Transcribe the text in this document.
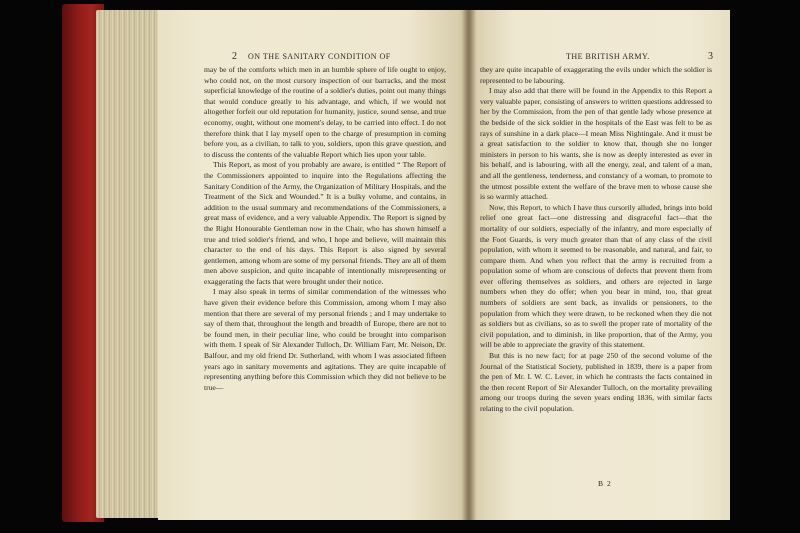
2 ON THE SANITARY CONDITION OF

may be of the comforts which men in an humble sphere of life ought to enjoy, who could not, on the most cursory inspection of our barracks, and the most superficial knowledge of the routine of a soldier's duties, point out many things that would conduce greatly to his advantage, and which, if we would not altogether forfeit our old reputation for humanity, justice, sound sense, and true economy, ought, without one moment's delay, to be carried into effect. I do not therefore think that I lay myself open to the charge of presumption in coming before you, as a civilian, to talk to you, soldiers, upon this grave question, and to discuss the contents of the valuable Report which lies upon your table.

This Report, as most of you probably are aware, is entitled “ The Report of the Commissioners appointed to inquire into the Regulations affecting the Sanitary Condition of the Army, the Organization of Military Hospitals, and the Treatment of the Sick and Wounded.” It is a bulky volume, and contains, in addition to the usual summary and recommendations of the Commissioners, a great mass of evidence, and a very valuable Appendix. The Report is signed by the Right Honourable Gentleman now in the Chair, who has shown himself a true and tried soldier's friend, and who, I hope and believe, will maintain this character to the end of his days. This Report is also signed by several gentlemen, among whom are some of my personal friends. They are all of them men above suspicion, and quite incapable of intentionally misrepresenting or exaggerating the facts that were brought under their notice.

I may also speak in terms of similar commendation of the witnesses who have given their evidence before this Commission, among whom I may also mention that there are several of my personal friends ; and I may undertake to say of them that, throughout the length and breadth of Europe, there are not to be found men, in their peculiar line, who could be brought into comparison with them. I speak of Sir Alexander Tulloch, Dr. William Farr, Mr. Neison, Dr. Balfour, and my old friend Dr. Sutherland, with whom I was associated fifteen years ago in sanitary movements and agitations. They are quite incapable of representing anything before this Commission which they did not believe to be true—

THE BRITISH ARMY.	3

they are quite incapable of exaggerating the evils under which the soldier is represented to be labouring.

I may also add that there will be found in the Appendix to this Report a very valuable paper, consisting of answers to written questions addressed to her by the Commission, from the pen of that gentle lady whose presence at the bedside of the sick soldier in the hospitals of the East was felt to be as rays of sunshine in a dark place—I mean Miss Nightingale. And it must be a great satisfaction to the soldier to know that, though she no longer ministers in person to his wants, she is now as deeply interested as ever in his behalf, and is labouring, with all the energy, zeal, and talent of a man, and all the gentleness, tenderness, and constancy of a woman, to promote to the utmost possible extent the welfare of the brave men to whose cause she is so warmly attached.

Now, this Report, to which I have thus cursorily alluded, brings into bold relief one great fact—one distressing and disgraceful fact—that the mortality of our soldiers, especially of the infantry, and more especially of the Foot Guards, is very much greater than that of any class of the civil population, with whom it seemed to be reasonable, and natural, and fair, to compare them. And when you reflect that the army is recruited from a population some of whom are conscious of defects that prevent them from ever offering themselves as soldiers, and others are rejected in large numbers when they do offer; when you bear in mind, too, that great numbers of soldiers are sent back, as invalids or pensioners, to the population from which they were drawn, to be reckoned when they die not as soldiers but as civilians, so as to swell the proper rate of mortality of the civil population, and to diminish, in like proportion, that of the Army, you will be able to appreciate the gravity of this statement.

But this is no new fact; for at page 250 of the second volume of the Journal of the Statistical Society, published in 1839, there is a paper from the pen of Mr. I. W. C. Lever, in which he contrasts the facts contained in the then recent Report of Sir Alexander Tulloch, on the mortality prevailing among our troops during the seven years ending 1836, with similar facts relating to the civil population.

B 2
